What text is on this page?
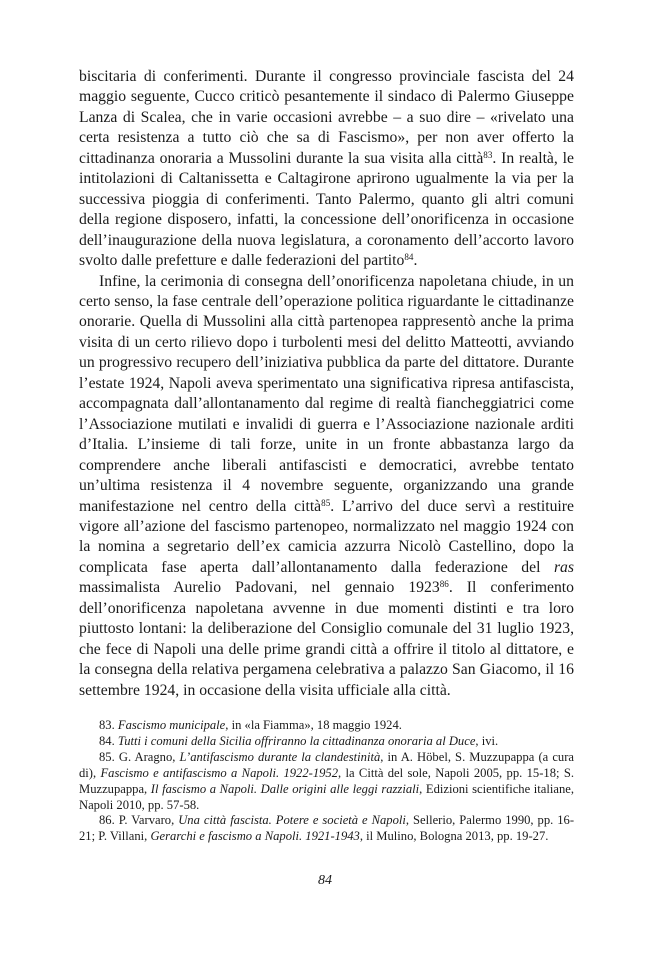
biscitaria di conferimenti. Durante il congresso provinciale fascista del 24 maggio seguente, Cucco criticò pesantemente il sindaco di Palermo Giuseppe Lanza di Scalea, che in varie occasioni avrebbe – a suo dire – «rivelato una certa resistenza a tutto ciò che sa di Fascismo», per non aver offerto la cittadinanza onoraria a Mussolini durante la sua visita alla città$^{83}$. In realtà, le intitolazioni di Caltanissetta e Caltagirone aprirono ugualmente la via per la successiva pioggia di conferimenti. Tanto Palermo, quanto gli altri comuni della regione disposero, infatti, la concessione dell’onorificenza in occasione dell’inaugurazione della nuova legislatura, a coronamento dell’accorto lavoro svolto dalle prefetture e dalle federazioni del partito$^{84}$.

Infine, la cerimonia di consegna dell’onorificenza napoletana chiude, in un certo senso, la fase centrale dell’operazione politica riguardante le cittadinanze onorarie. Quella di Mussolini alla città partenopea rappresentò anche la prima visita di un certo rilievo dopo i turbolenti mesi del delitto Matteotti, avviando un progressivo recupero dell’iniziativa pubblica da parte del dittatore. Durante l’estate 1924, Napoli aveva sperimentato una significativa ripresa antifascista, accompagnata dall’allontanamento dal regime di realtà fiancheggiatrici come l’Associazione mutilati e invalidi di guerra e l’Associazione nazionale arditi d’Italia. L’insieme di tali forze, unite in un fronte abbastanza largo da comprendere anche liberali antifascisti e democratici, avrebbe tentato un’ultima resistenza il 4 novembre seguente, organizzando una grande manifestazione nel centro della città$^{85}$. L’arrivo del duce servì a restituire vigore all’azione del fascismo partenopeo, normalizzato nel maggio 1924 con la nomina a segretario dell’ex camicia azzurra Nicolò Castellino, dopo la complicata fase aperta dall’allontanamento dalla federazione del ras massimalista Aurelio Padovani, nel gennaio 1923$^{86}$. Il conferimento dell’onorificenza napoletana avvenne in due momenti distinti e tra loro piuttosto lontani: la deliberazione del Consiglio comunale del 31 luglio 1923, che fece di Napoli una delle prime grandi città a offrire il titolo al dittatore, e la consegna della relativa pergamena celebrativa a palazzo San Giacomo, il 16 settembre 1924, in occasione della visita ufficiale alla città.

83. Fascismo municipale, in «la Fiamma», 18 maggio 1924.

84. Tutti i comuni della Sicilia offriranno la cittadinanza onoraria al Duce, ivi.

85. G. Aragno, L’antifascismo durante la clandestinità, in A. Höbel, S. Muzzupappa (a cura di), Fascismo e antifascismo a Napoli. 1922-1952, la Città del sole, Napoli 2005, pp. 15-18; S. Muzzupappa, Il fascismo a Napoli. Dalle origini alle leggi razziali, Edizioni scientifiche italiane, Napoli 2010, pp. 57-58.

86. P. Varvaro, Una città fascista. Potere e società e Napoli, Sellerio, Palermo 1990, pp. 16-21; P. Villani, Gerarchi e fascismo a Napoli. 1921-1943, il Mulino, Bologna 2013, pp. 19-27.

84
